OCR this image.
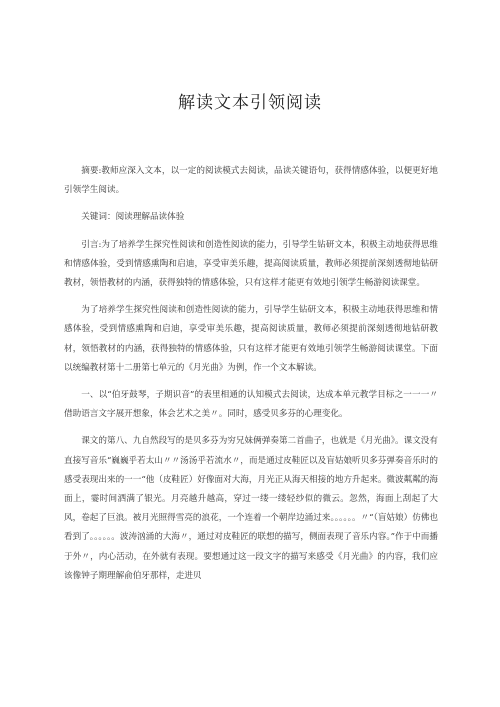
解读文本引领阅读

摘要:教师应深入文本，以一定的阅读模式去阅读，品读关键语句，获得情感体验，以便更好地引领学生阅读。

关键词：阅读理解品读体验

引言:为了培养学生探究性阅读和创造性阅读的能力，引导学生钻研文本，积极主动地获得思维和情感体验，受到情感熏陶和启迪，享受审美乐趣，提高阅读质量，教师必须提前深刻透彻地钻研教材，领悟教材的内涵，获得独特的情感体验，只有这样才能更有效地引领学生畅游阅读课堂。

为了培养学生探究性阅读和创造性阅读的能力，引导学生钻研文本，积极主动地获得思维和情感体验，受到情感熏陶和启迪，享受审美乐趣，提高阅读质量，教师必须提前深刻透彻地钻研教材，领悟教材的内涵，获得独特的情感体验，只有这样才能更有效地引领学生畅游阅读课堂。下面以统编教材第十二册第七单元的《月光曲》为例，作一个文本解读。

一、以“伯牙鼓琴，子期识音”的表里相通的认知模式去阅读，达成本单元教学目标之一一一〃借助语言文字展开想象，体会艺术之美〃。同时，感受贝多芬的心理变化。

课文的第八、九自然段写的是贝多芬为穷兄妹俩弹奏第二首曲子，也就是《月光曲》。课文没有直接写音乐“巍巍乎若太山〃〃汤汤乎若流水〃，而是通过皮鞋匠以及盲姑娘听贝多芬弹奏音乐时的感受表现出来的一一“他（皮鞋匠）好像面对大海，月光正从海天相接的地方升起来。微波粼粼的海面上，霎时间洒满了银光。月亮越升越高，穿过一缕一缕轻纱似的微云。忽然，海面上刮起了大风，卷起了巨浪。被月光照得雪亮的浪花，一个连着一个朝岸边涌过来。。。。。。〃“（盲姑娘）仿佛也看到了。。。。。。波涛汹涌的大海〃，通过对皮鞋匠的联想的描写，侧面表现了音乐内容。”作于中而播于外〃，内心活动，在外就有表现。要想通过这一段文字的描写来感受《月光曲》的内容，我们应该像钟子期理解俞伯牙那样，走进贝
